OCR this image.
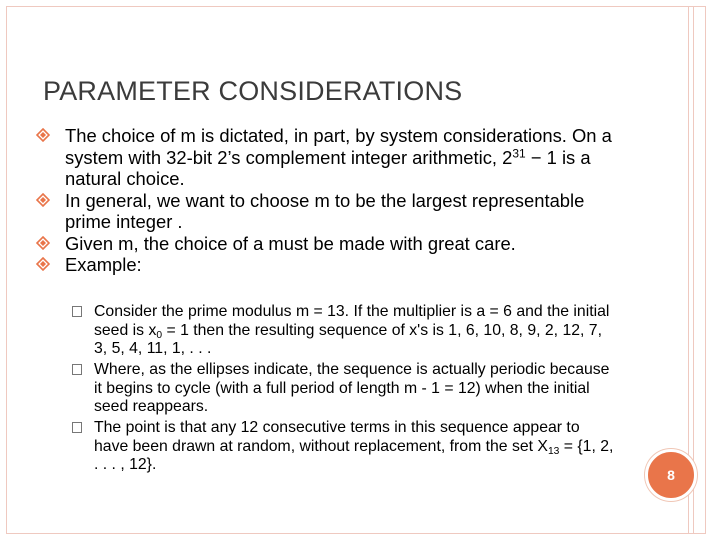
PARAMETER CONSIDERATIONS
The choice of m is dictated, in part, by system considerations. On a system with 32-bit 2’s complement integer arithmetic, $2^{31} - 1$ is a natural choice.
In general, we want to choose m to be the largest representable prime integer .
Given m, the choice of a must be made with great care.
Example:
Consider the prime modulus m = 13. If the multiplier is a = 6 and the initial seed is $x_0 = 1$ then the resulting sequence of x's is 1, 6, 10, 8, 9, 2, 12, 7, 3, 5, 4, 11, 1, . . .
Where, as the ellipses indicate, the sequence is actually periodic because it begins to cycle (with a full period of length m - 1 = 12) when the initial seed reappears.
The point is that any 12 consecutive terms in this sequence appear to have been drawn at random, without replacement, from the set $X_{13} = \{1$, 2, . . . , 12}.
8
